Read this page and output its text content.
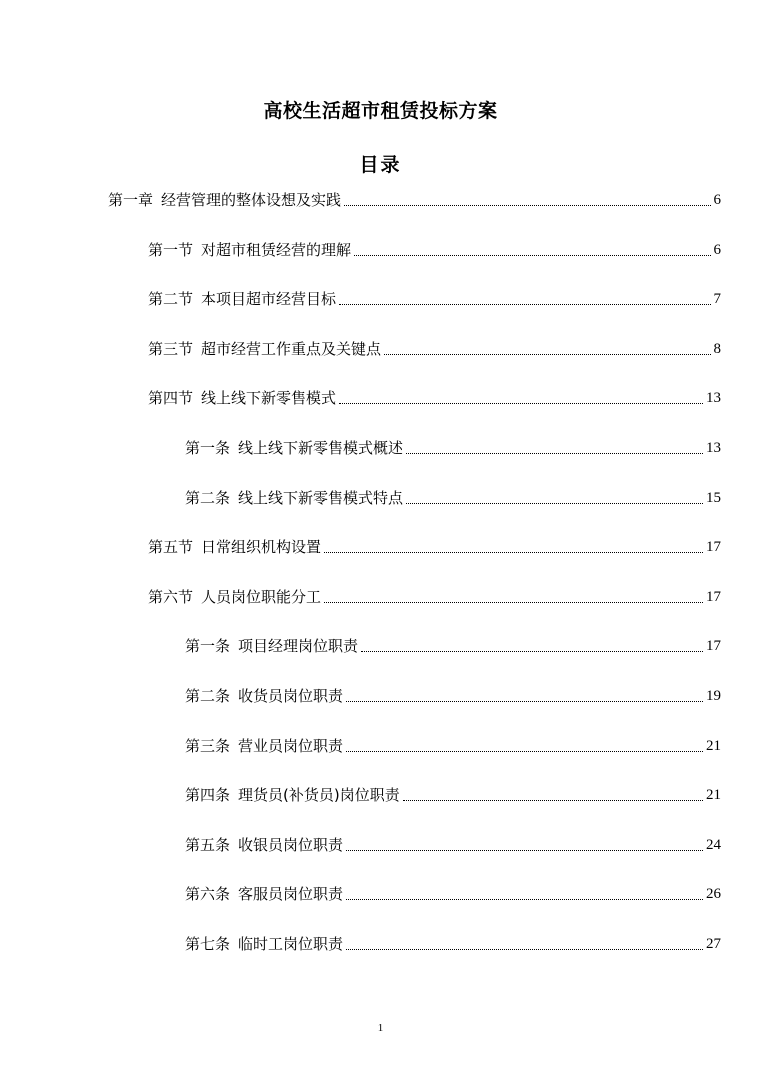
高校生活超市租赁投标方案
目录
第一章 经营管理的整体设想及实践	6
第一节 对超市租赁经营的理解	6
第二节 本项目超市经营目标	7
第三节 超市经营工作重点及关键点	8
第四节 线上线下新零售模式	13
第一条 线上线下新零售模式概述	13
第二条 线上线下新零售模式特点	15
第五节 日常组织机构设置	17
第六节 人员岗位职能分工	17
第一条 项目经理岗位职责	17
第二条 收货员岗位职责	19
第三条 营业员岗位职责	21
第四条 理货员(补货员)岗位职责	21
第五条 收银员岗位职责	24
第六条 客服员岗位职责	26
第七条 临时工岗位职责	27
1
